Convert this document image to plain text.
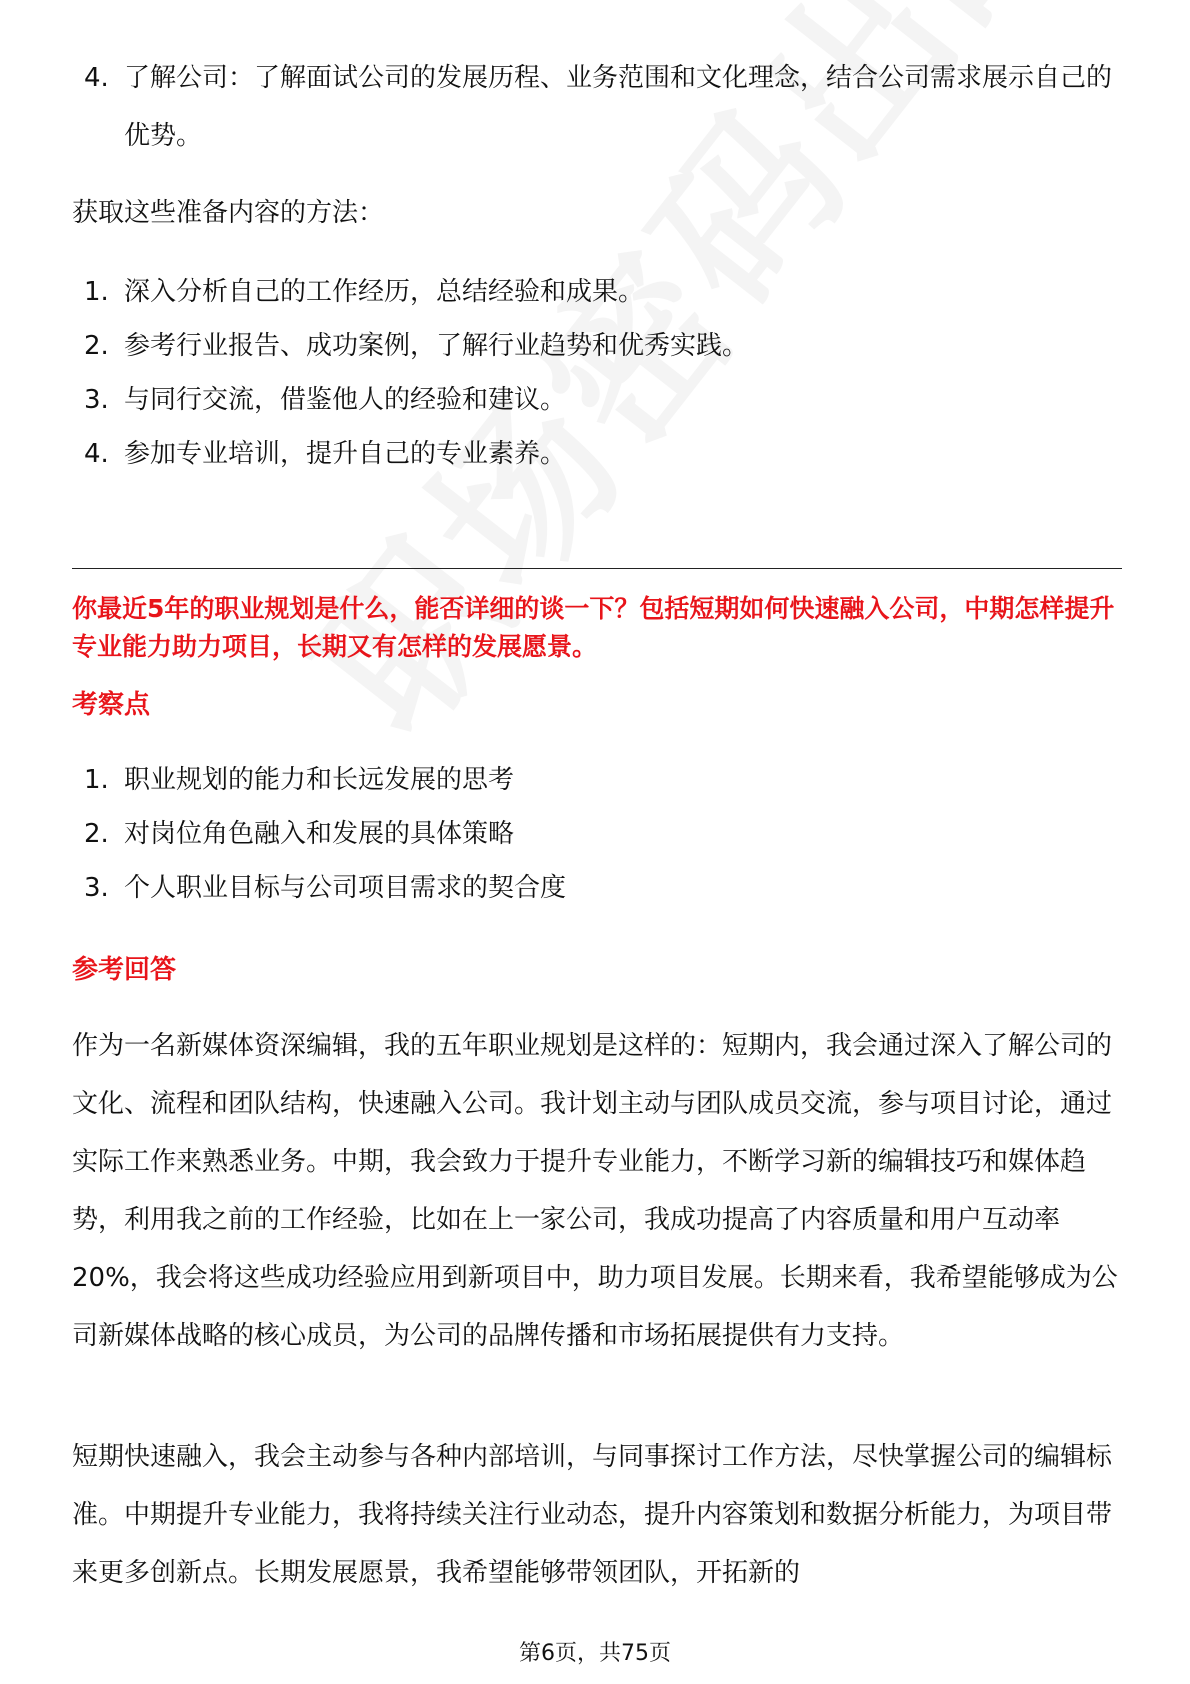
4. 了解公司：了解面试公司的发展历程、业务范围和文化理念，结合公司需求展示自己的优势。
获取这些准备内容的方法：
1. 深入分析自己的工作经历，总结经验和成果。
2. 参考行业报告、成功案例，了解行业趋势和优秀实践。
3. 与同行交流，借鉴他人的经验和建议。
4. 参加专业培训，提升自己的专业素养。
你最近5年的职业规划是什么，能否详细的谈一下？包括短期如何快速融入公司，中期怎样提升专业能力助力项目，长期又有怎样的发展愿景。
考察点
1. 职业规划的能力和长远发展的思考
2. 对岗位角色融入和发展的具体策略
3. 个人职业目标与公司项目需求的契合度
参考回答
作为一名新媒体资深编辑，我的五年职业规划是这样的：短期内，我会通过深入了解公司的文化、流程和团队结构，快速融入公司。我计划主动与团队成员交流，参与项目讨论，通过实际工作来熟悉业务。中期，我会致力于提升专业能力，不断学习新的编辑技巧和媒体趋势，利用我之前的工作经验，比如在上一家公司，我成功提高了内容质量和用户互动率20%，我会将这些成功经验应用到新项目中，助力项目发展。长期来看，我希望能够成为公司新媒体战略的核心成员，为公司的品牌传播和市场拓展提供有力支持。
短期快速融入，我会主动参与各种内部培训，与同事探讨工作方法，尽快掌握公司的编辑标准。中期提升专业能力，我将持续关注行业动态，提升内容策划和数据分析能力，为项目带来更多创新点。长期发展愿景，我希望能够带领团队，开拓新的
第6页，共75页
